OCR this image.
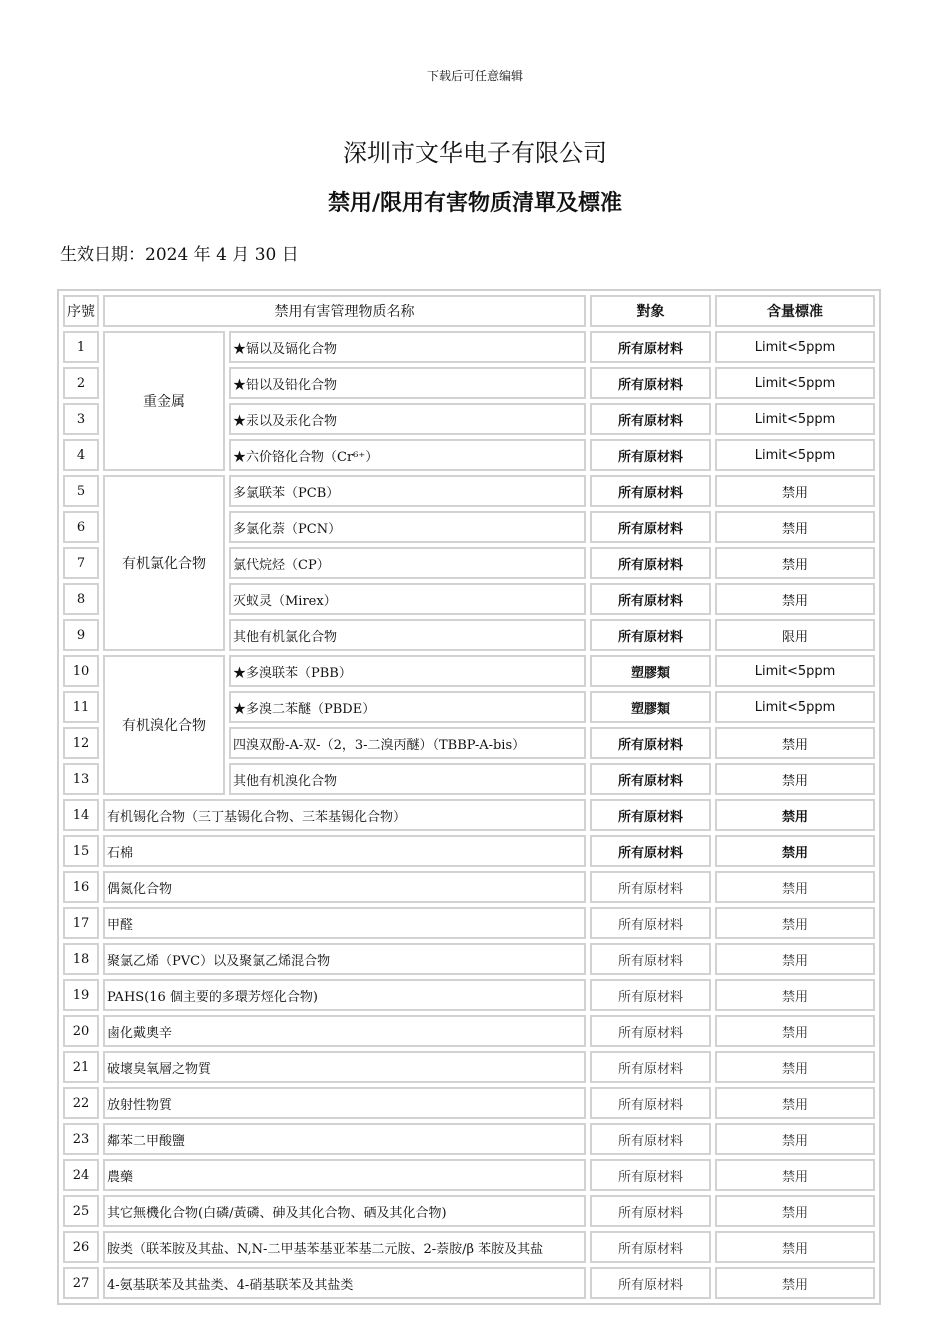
下载后可任意编辑
深圳市文华电子有限公司
禁用/限用有害物质清單及標准
生效日期：2024 年 4 月 30 日
序號	禁用有害管理物质名称		對象	含量標准
1	重金属	★镉以及镉化合物	所有原材料	Limit<5ppm
2		★铅以及铅化合物	所有原材料	Limit<5ppm
3		★汞以及汞化合物	所有原材料	Limit<5ppm
4		★六价铬化合物（Cr⁶⁺）	所有原材料	Limit<5ppm
5	有机氯化合物	多氯联苯（PCB）	所有原材料	禁用
6		多氯化萘（PCN）	所有原材料	禁用
7		氯代烷烃（CP）	所有原材料	禁用
8		灭蚁灵（Mirex）	所有原材料	禁用
9		其他有机氯化合物	所有原材料	限用
10	有机溴化合物	★多溴联苯（PBB）	塑膠類	Limit<5ppm
11		★多溴二苯醚（PBDE）	塑膠類	Limit<5ppm
12		四溴双酚-A-双-（2，3-二溴丙醚）（TBBP-A-bis）	所有原材料	禁用
13		其他有机溴化合物	所有原材料	禁用
14	有机锡化合物（三丁基锡化合物、三苯基锡化合物）		所有原材料	禁用
15	石棉		所有原材料	禁用
16	偶氮化合物		所有原材料	禁用
17	甲醛		所有原材料	禁用
18	聚氯乙烯（PVC）以及聚氯乙烯混合物		所有原材料	禁用
19	PAHS(16 個主要的多環芳烴化合物)		所有原材料	禁用
20	鹵化戴奧辛		所有原材料	禁用
21	破壞臭氧層之物質		所有原材料	禁用
22	放射性物質		所有原材料	禁用
23	鄰苯二甲酸鹽		所有原材料	禁用
24	農藥		所有原材料	禁用
25	其它無機化合物(白磷/黃磷、砷及其化合物、硒及其化合物)		所有原材料	禁用
26	胺类（联苯胺及其盐、N,N-二甲基苯基亚苯基二元胺、2-萘胺/β 苯胺及其盐		所有原材料	禁用
27	4-氨基联苯及其盐类、4-硝基联苯及其盐类		所有原材料	禁用
